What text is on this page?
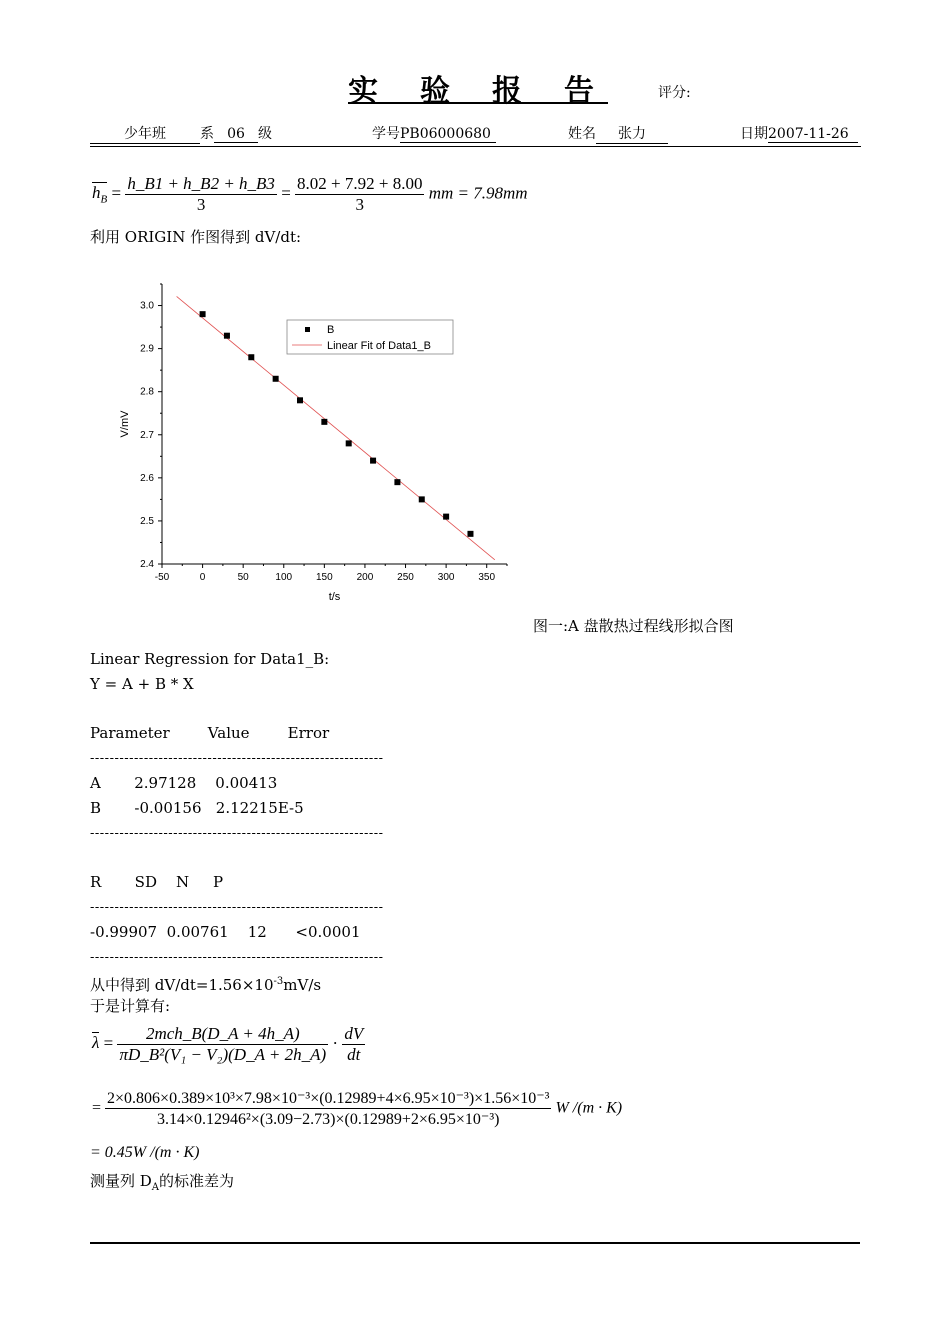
实 验 报 告	评分:
少年班 系 06 级	学号PB06000680	姓名 张力	日期2007-11-26
$h_B = \frac{h\_B1 + h\_B2 + h\_B3}{3} = \frac{8.02 + 7.92 + 8.00}{3}$ mm = 7.98mm
利用 ORIGIN 作图得到 dV/dt:
-50	0	50	100 150 200 250 300 350
2.4
2.5
2.6
2.7
2.8
2.9
3.0
t/s
V/mV
B
Linear Fit of Data1_B
图一:A 盘散热过程线形拟合图
Linear Regression for Data1_B:
Y = A + B * X
Parameter        Value        Error
------------------------------------------------------------
A       2.97128    0.00413
B       -0.00156   2.12215E-5
------------------------------------------------------------
R       SD    N     P
------------------------------------------------------------
-0.99907  0.00761    12      <0.0001
------------------------------------------------------------
从中得到 $dV/dt=1.56\times 10^{-3}mV/s$
于是计算有:
$\lambda = \frac{\text{2mch\_B(D\_A + 4h\_A)}}{\text{πD\_B²(V₁ − V₂)(D\_A + 2h\_A)}} \cdot \frac{dV}{dt}$
= $\frac{\text{2×0.806×0.389×10³×7.98×10⁻³×(0.12989+4×6.95×10⁻³)×1.56×10⁻³}}{\text{3.14×0.12946²×(3.09−2.73)×(0.12989+2×6.95×10⁻³)}}$ W /(m · K)
= 0.45W /(m · K)
测量列 $D_A$的标准差为
